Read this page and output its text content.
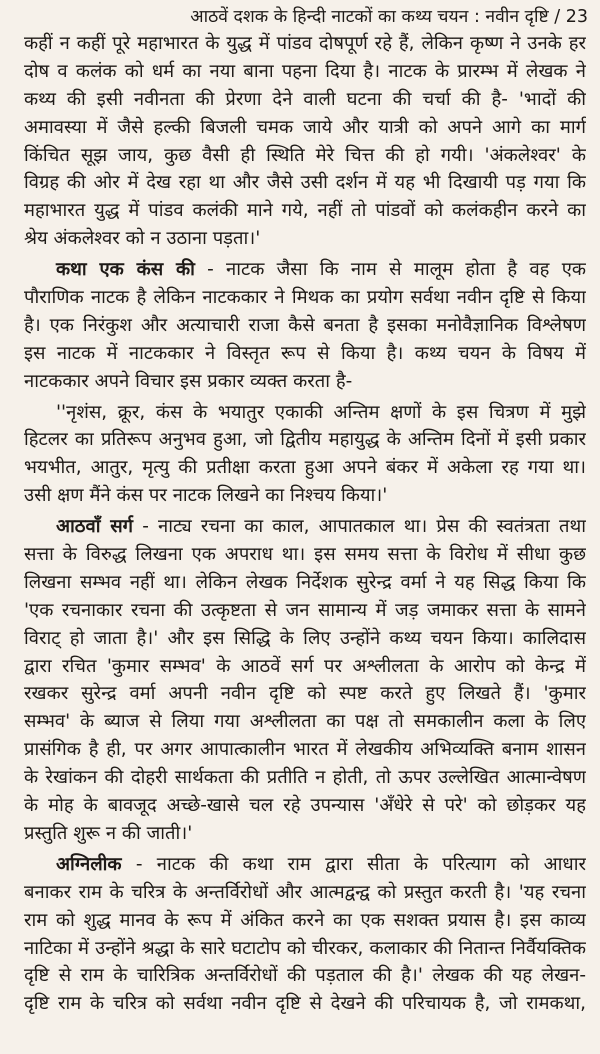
आठवें दशक के हिन्दी नाटकों का कथ्य चयन : नवीन दृष्टि / 23
कहीं न कहीं पूरे महाभारत के युद्ध में पांडव दोषपूर्ण रहे हैं, लेकिन कृष्ण ने उनके हर
दोष व कलंक को धर्म का नया बाना पहना दिया है। नाटक के प्रारम्भ में लेखक ने
कथ्य की इसी नवीनता की प्रेरणा देने वाली घटना की चर्चा की है- 'भादों की
अमावस्या में जैसे हल्की बिजली चमक जाये और यात्री को अपने आगे का मार्ग
किंचित सूझ जाय, कुछ वैसी ही स्थिति मेरे चित्त की हो गयी। 'अंकलेश्वर' के
विग्रह की ओर में देख रहा था और जैसे उसी दर्शन में यह भी दिखायी पड़ गया कि
महाभारत युद्ध में पांडव कलंकी माने गये, नहीं तो पांडवों को कलंकहीन करने का
श्रेय अंकलेश्वर को न उठाना पड़ता।'
कथा एक कंस की - नाटक जैसा कि नाम से मालूम होता है वह एक
पौराणिक नाटक है लेकिन नाटककार ने मिथक का प्रयोग सर्वथा नवीन दृष्टि से किया
है। एक निरंकुश और अत्याचारी राजा कैसे बनता है इसका मनोवैज्ञानिक विश्लेषण
इस नाटक में नाटककार ने विस्तृत रूप से किया है। कथ्य चयन के विषय में
नाटककार अपने विचार इस प्रकार व्यक्त करता है-
''नृशंस, क्रूर, कंस के भयातुर एकाकी अन्तिम क्षणों के इस चित्रण में मुझे
हिटलर का प्रतिरूप अनुभव हुआ, जो द्वितीय महायुद्ध के अन्तिम दिनों में इसी प्रकार
भयभीत, आतुर, मृत्यु की प्रतीक्षा करता हुआ अपने बंकर में अकेला रह गया था।
उसी क्षण मैंने कंस पर नाटक लिखने का निश्चय किया।'
आठवाँ सर्ग - नाट्य रचना का काल, आपातकाल था। प्रेस की स्वतंत्रता तथा
सत्ता के विरुद्ध लिखना एक अपराध था। इस समय सत्ता के विरोध में सीधा कुछ
लिखना सम्भव नहीं था। लेकिन लेखक निर्देशक सुरेन्द्र वर्मा ने यह सिद्ध किया कि
'एक रचनाकार रचना की उत्कृष्टता से जन सामान्य में जड़ जमाकर सत्ता के सामने
विराट् हो जाता है।' और इस सिद्धि के लिए उन्होंने कथ्य चयन किया। कालिदास
द्वारा रचित 'कुमार सम्भव' के आठवें सर्ग पर अश्लीलता के आरोप को केन्द्र में
रखकर सुरेन्द्र वर्मा अपनी नवीन दृष्टि को स्पष्ट करते हुए लिखते हैं। 'कुमार
सम्भव' के ब्याज से लिया गया अश्लीलता का पक्ष तो समकालीन कला के लिए
प्रासंगिक है ही, पर अगर आपात्कालीन भारत में लेखकीय अभिव्यक्ति बनाम शासन
के रेखांकन की दोहरी सार्थकता की प्रतीति न होती, तो ऊपर उल्लेखित आत्मान्वेषण
के मोह के बावजूद अच्छे-खासे चल रहे उपन्यास 'अँधेरे से परे' को छोड़कर यह
प्रस्तुति शुरू न की जाती।'
अग्निलीक - नाटक की कथा राम द्वारा सीता के परित्याग को आधार
बनाकर राम के चरित्र के अन्तर्विरोधों और आत्मद्वन्द्व को प्रस्तुत करती है। 'यह रचना
राम को शुद्ध मानव के रूप में अंकित करने का एक सशक्त प्रयास है। इस काव्य
नाटिका में उन्होंने श्रद्धा के सारे घटाटोप को चीरकर, कलाकार की नितान्त निर्वैयक्तिक
दृष्टि से राम के चारित्रिक अन्तर्विरोधों की पड़ताल की है।' लेखक की यह लेखन-
दृष्टि राम के चरित्र को सर्वथा नवीन दृष्टि से देखने की परिचायक है, जो रामकथा,
